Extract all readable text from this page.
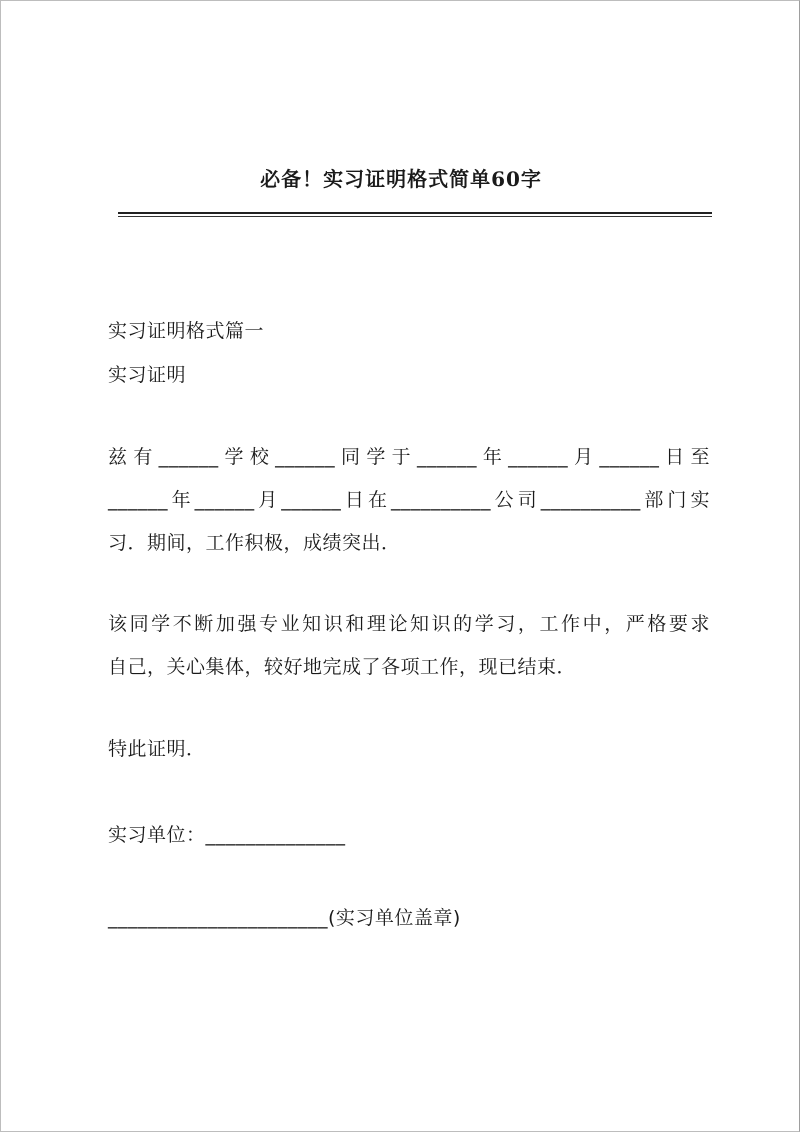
必备！实习证明格式简单60字
实习证明格式篇一
实习证明
兹有______学校______同学于______年______月______日至
______年______月______日在__________公司__________部门实
习．期间，工作积极，成绩突出．
该同学不断加强专业知识和理论知识的学习，工作中，严格要求
自己，关心集体，较好地完成了各项工作，现已结束．
特此证明．
实习单位：______________
______________________(实习单位盖章)
